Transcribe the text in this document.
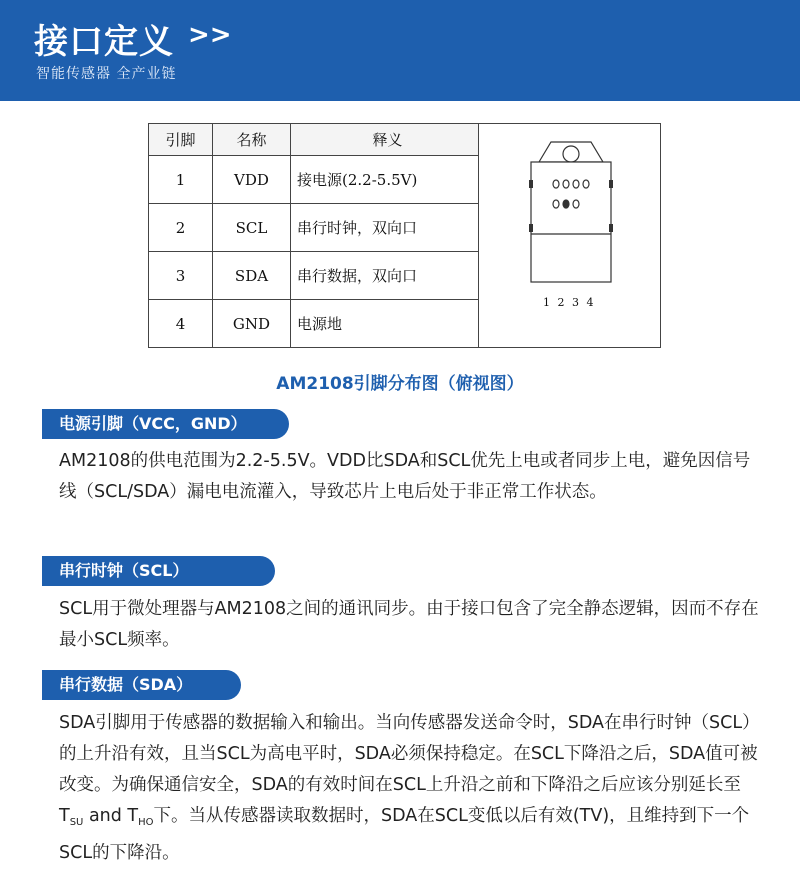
接口定义 >>
智能传感器 全产业链
引脚	名称	释义	1 2 3 4

1	VDD	接电源(2.2-5.5V)	
2	SCL	串行时钟，双向口	
3	SDA	串行数据，双向口	
4	GND	电源地	
AM2108引脚分布图（俯视图）
电源引脚（VCC，GND）
AM2108的供电范围为2.2-5.5V。VDD比SDA和SCL优先上电或者同步上电，避免因信号线（SCL/SDA）漏电电流灌入，导致芯片上电后处于非正常工作状态。
串行时钟（SCL）
SCL用于微处理器与AM2108之间的通讯同步。由于接口包含了完全静态逻辑，因而不存在最小SCL频率。
串行数据（SDA）
SDA引脚用于传感器的数据输入和输出。当向传感器发送命令时，SDA在串行时钟（SCL）的上升沿有效，且当SCL为高电平时，SDA必须保持稳定。在SCL下降沿之后，SDA值可被改变。为确保通信安全，SDA的有效时间在SCL上升沿之前和下降沿之后应该分别延长至$T_{SU}$ and $T_{HO}$下。当从传感器读取数据时，SDA在SCL变低以后有效(TV)，且维持到下一个SCL的下降沿。
